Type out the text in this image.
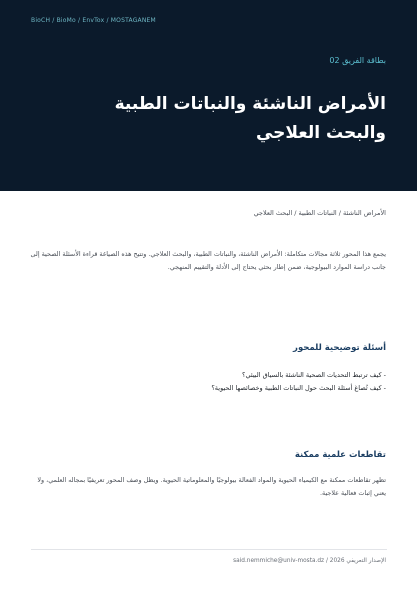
BioCH / BioMo / EnvTox / MOSTAGANEM
بطاقة الفريق 02
الأمراض الناشئة والنباتات الطبية والبحث العلاجي
الأمراض الناشئة / النباتات الطبية / البحث العلاجي
يجمع هذا المحور ثلاثة مجالات متكاملة: الأمراض الناشئة، والنباتات الطبية، والبحث العلاجي. وتتيح هذه الصياغة قراءة الأسئلة الصحية إلى جانب دراسة الموارد البيولوجية، ضمن إطار بحثي يحتاج إلى الأدلة والتقييم المنهجي.
أسئلة توضيحية للمحور
- كيف ترتبط التحديات الصحية الناشئة بالسياق البيئي؟
- كيف تُصاغ أسئلة البحث حول النباتات الطبية وخصائصها الحيوية؟
تقاطعات علمية ممكنة
تظهر تقاطعات ممكنة مع الكيمياء الحيوية والمواد الفعالة بيولوجيًا والمعلوماتية الحيوية. ويظل وصف المحور تعريفيًا بمجاله العلمي، ولا يعني إثبات فعالية علاجية.
الإصدار التعريفي 2026 / said.nemmiche@univ-mosta.dz
